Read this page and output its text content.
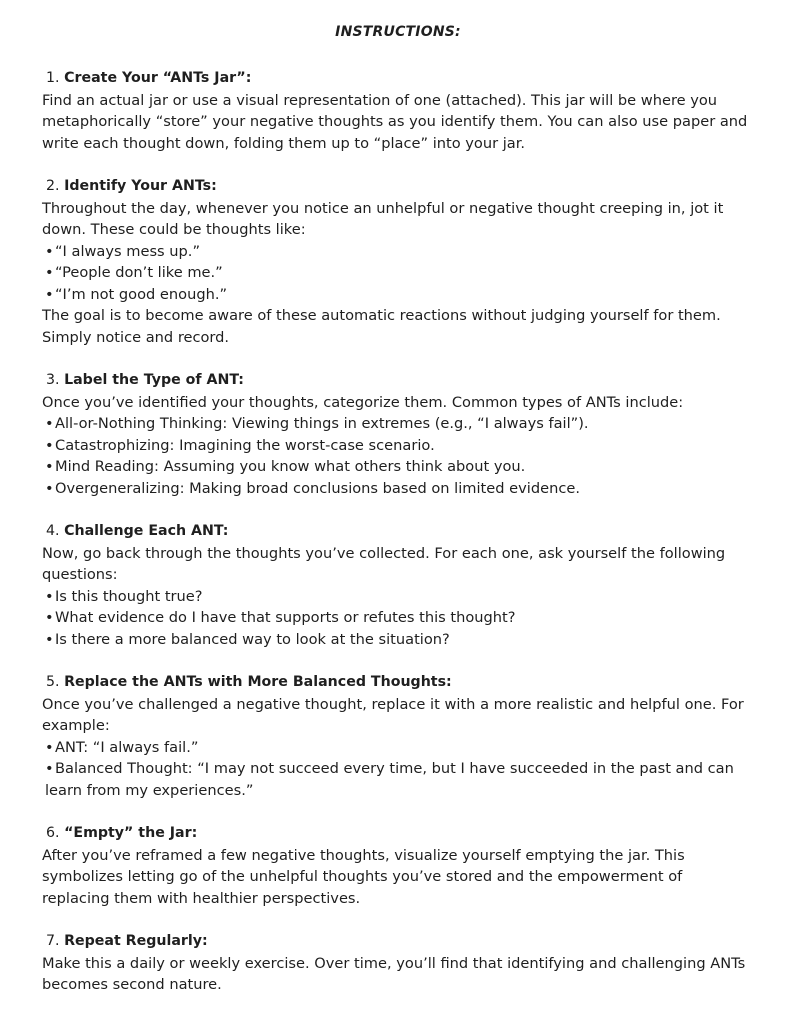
INSTRUCTIONS:
1. Create Your “ANTs Jar”:

Find an actual jar or use a visual representation of one (attached). This jar will be where you metaphorically “store” your negative thoughts as you identify them. You can also use paper and write each thought down, folding them up to “place” into your jar.

2. Identify Your ANTs:

Throughout the day, whenever you notice an unhelpful or negative thought creeping in, jot it down. These could be thoughts like:

•“I always mess up.”
•“People don’t like me.”
•“I’m not good enough.”

The goal is to become aware of these automatic reactions without judging yourself for them. Simply notice and record.

3. Label the Type of ANT:

Once you’ve identified your thoughts, categorize them. Common types of ANTs include:

•All-or-Nothing Thinking: Viewing things in extremes (e.g., “I always fail”).
•Catastrophizing: Imagining the worst-case scenario.
•Mind Reading: Assuming you know what others think about you.
•Overgeneralizing: Making broad conclusions based on limited evidence.
4. Challenge Each ANT:

Now, go back through the thoughts you’ve collected. For each one, ask yourself the following questions:

•Is this thought true?
•What evidence do I have that supports or refutes this thought?
•Is there a more balanced way to look at the situation?
5. Replace the ANTs with More Balanced Thoughts:

Once you’ve challenged a negative thought, replace it with a more realistic and helpful one. For example:

•ANT: “I always fail.”
•Balanced Thought: “I may not succeed every time, but I have succeeded in the past and can learn from my experiences.”
6. “Empty” the Jar:

After you’ve reframed a few negative thoughts, visualize yourself emptying the jar. This symbolizes letting go of the unhelpful thoughts you’ve stored and the empowerment of replacing them with healthier perspectives.

7. Repeat Regularly:

Make this a daily or weekly exercise. Over time, you’ll find that identifying and challenging ANTs becomes second nature.
